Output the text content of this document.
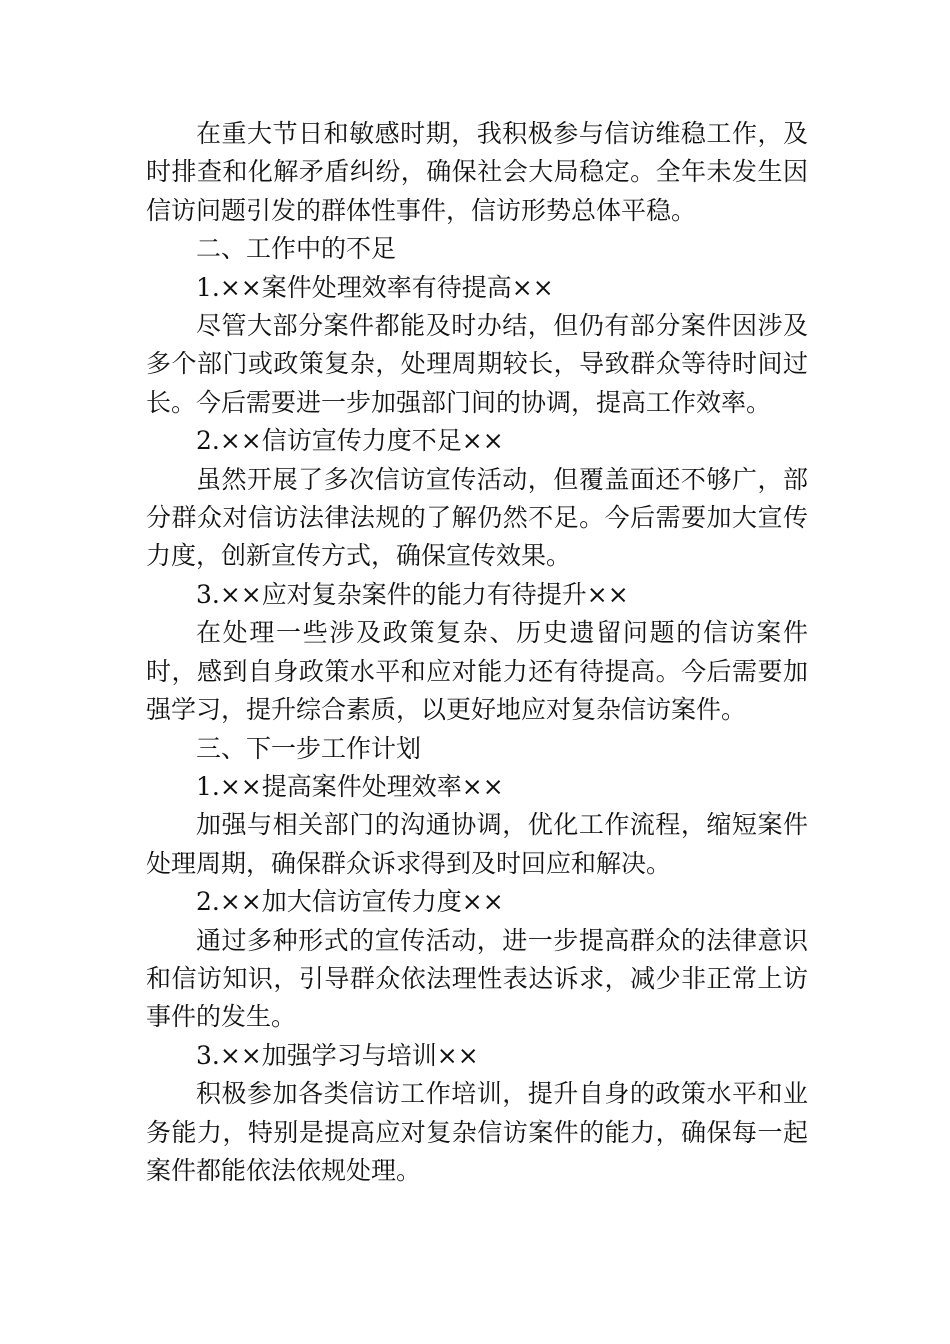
在重大节日和敏感时期，我积极参与信访维稳工作，及时排查和化解矛盾纠纷，确保社会大局稳定。全年未发生因信访问题引发的群体性事件，信访形势总体平稳。

二、工作中的不足

1.××案件处理效率有待提高××

尽管大部分案件都能及时办结，但仍有部分案件因涉及多个部门或政策复杂，处理周期较长，导致群众等待时间过长。今后需要进一步加强部门间的协调，提高工作效率。

2.××信访宣传力度不足××

虽然开展了多次信访宣传活动，但覆盖面还不够广，部分群众对信访法律法规的了解仍然不足。今后需要加大宣传力度，创新宣传方式，确保宣传效果。

3.××应对复杂案件的能力有待提升××

在处理一些涉及政策复杂、历史遗留问题的信访案件时，感到自身政策水平和应对能力还有待提高。今后需要加强学习，提升综合素质，以更好地应对复杂信访案件。

三、下一步工作计划

1.××提高案件处理效率××

加强与相关部门的沟通协调，优化工作流程，缩短案件处理周期，确保群众诉求得到及时回应和解决。

2.××加大信访宣传力度××

通过多种形式的宣传活动，进一步提高群众的法律意识和信访知识，引导群众依法理性表达诉求，减少非正常上访事件的发生。

3.××加强学习与培训××

积极参加各类信访工作培训，提升自身的政策水平和业务能力，特别是提高应对复杂信访案件的能力，确保每一起案件都能依法依规处理。
